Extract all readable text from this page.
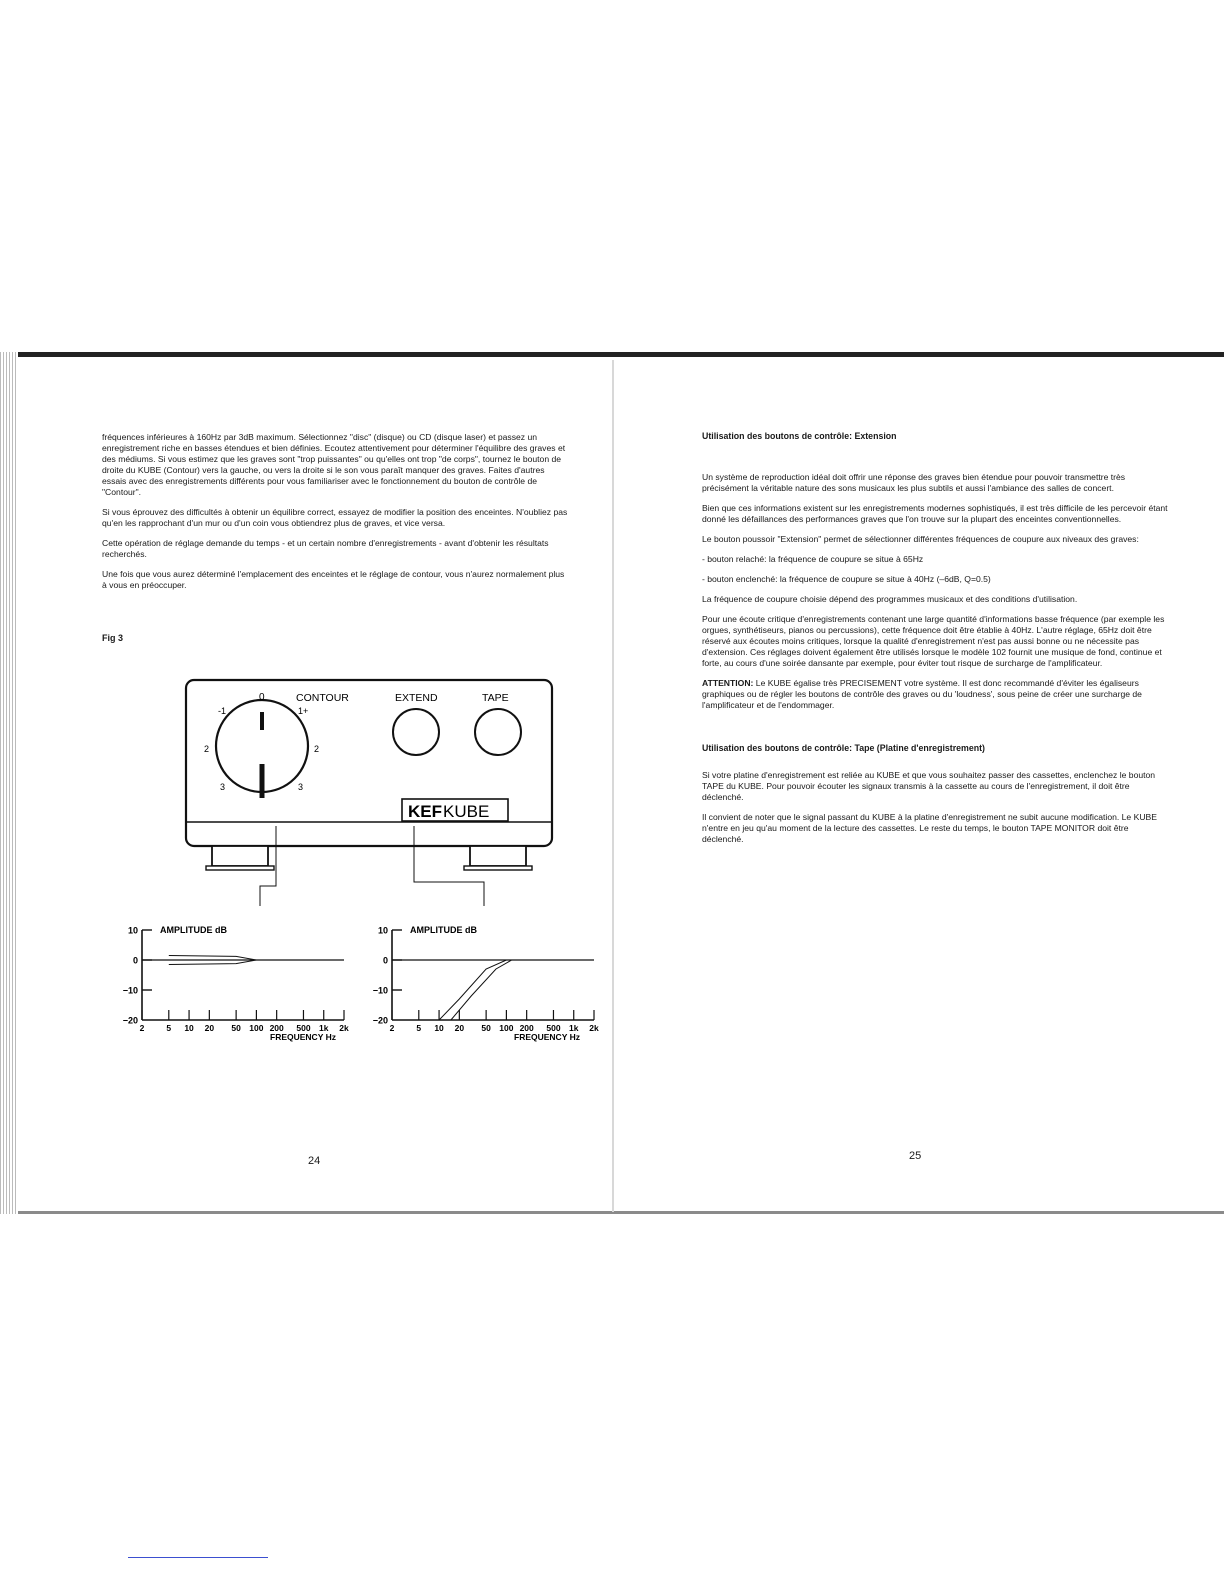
fréquences inférieures à 160Hz par 3dB maximum. Sélectionnez "disc" (disque) ou CD (disque laser) et passez un enregistrement riche en basses étendues et bien définies. Ecoutez attentivement pour déterminer l'équilibre des graves et des médiums. Si vous estimez que les graves sont "trop puissantes" ou qu'elles ont trop "de corps", tournez le bouton de droite du KUBE (Contour) vers la gauche, ou vers la droite si le son vous paraît manquer des graves. Faites d'autres essais avec des enregistrements différents pour vous familiariser avec le fonctionnement du bouton de contrôle de "Contour".

Si vous éprouvez des difficultés à obtenir un équilibre correct, essayez de modifier la position des enceintes. N'oubliez pas qu'en les rapprochant d'un mur ou d'un coin vous obtiendrez plus de graves, et vice versa.

Cette opération de réglage demande du temps - et un certain nombre d'enregistrements - avant d'obtenir les résultats recherchés.

Une fois que vous aurez déterminé l'emplacement des enceintes et le réglage de contour, vous n'aurez normalement plus à vous en préoccuper.

Fig 3
0
-1	1+
2	2
3	3
CONTOUR	EXTEND	TAPE
KEFKUBE
AMPLITUDE dB
FREQUENCY Hz
10
0
−10
−20
2	5 10 20 50 100 200 500 1k 2k
AMPLITUDE dB
FREQUENCY Hz
10
0
−10
−20
2	5 10 20 50 100 200 500 1k 2k
24

Utilisation des boutons de contrôle: Extension

Un système de reproduction idéal doit offrir une réponse des graves bien étendue pour pouvoir transmettre très précisément la véritable nature des sons musicaux les plus subtils et aussi l'ambiance des salles de concert.

Bien que ces informations existent sur les enregistrements modernes sophistiqués, il est très difficile de les percevoir étant donné les défaillances des performances graves que l'on trouve sur la plupart des enceintes conventionnelles.

Le bouton poussoir "Extension" permet de sélectionner différentes fréquences de coupure aux niveaux des graves:

- bouton relaché: la fréquence de coupure se situe à 65Hz

- bouton enclenché: la fréquence de coupure se situe à 40Hz (–6dB, Q=0.5)

La fréquence de coupure choisie dépend des programmes musicaux et des conditions d'utilisation.

Pour une écoute critique d'enregistrements contenant une large quantité d'informations basse fréquence (par exemple les orgues, synthétiseurs, pianos ou percussions), cette fréquence doit être établie à 40Hz. L'autre réglage, 65Hz doit être réservé aux écoutes moins critiques, lorsque la qualité d'enregistrement n'est pas aussi bonne ou ne nécessite pas d'extension. Ces réglages doivent également être utilisés lorsque le modèle 102 fournit une musique de fond, continue et forte, au cours d'une soirée dansante par exemple, pour éviter tout risque de surcharge de l'amplificateur.

ATTENTION: Le KUBE égalise très PRECISEMENT votre système. Il est donc recommandé d'éviter les égaliseurs graphiques ou de régler les boutons de contrôle des graves ou du 'loudness', sous peine de créer une surcharge de l'amplificateur et de l'endommager.

Utilisation des boutons de contrôle: Tape (Platine d'enregistrement)

Si votre platine d'enregistrement est reliée au KUBE et que vous souhaitez passer des cassettes, enclenchez le bouton TAPE du KUBE. Pour pouvoir écouter les signaux transmis à la cassette au cours de l'enregistrement, il doit être déclenché.

Il convient de noter que le signal passant du KUBE à la platine d'enregistrement ne subit aucune modification. Le KUBE n'entre en jeu qu'au moment de la lecture des cassettes. Le reste du temps, le bouton TAPE MONITOR doit être déclenché.

25
